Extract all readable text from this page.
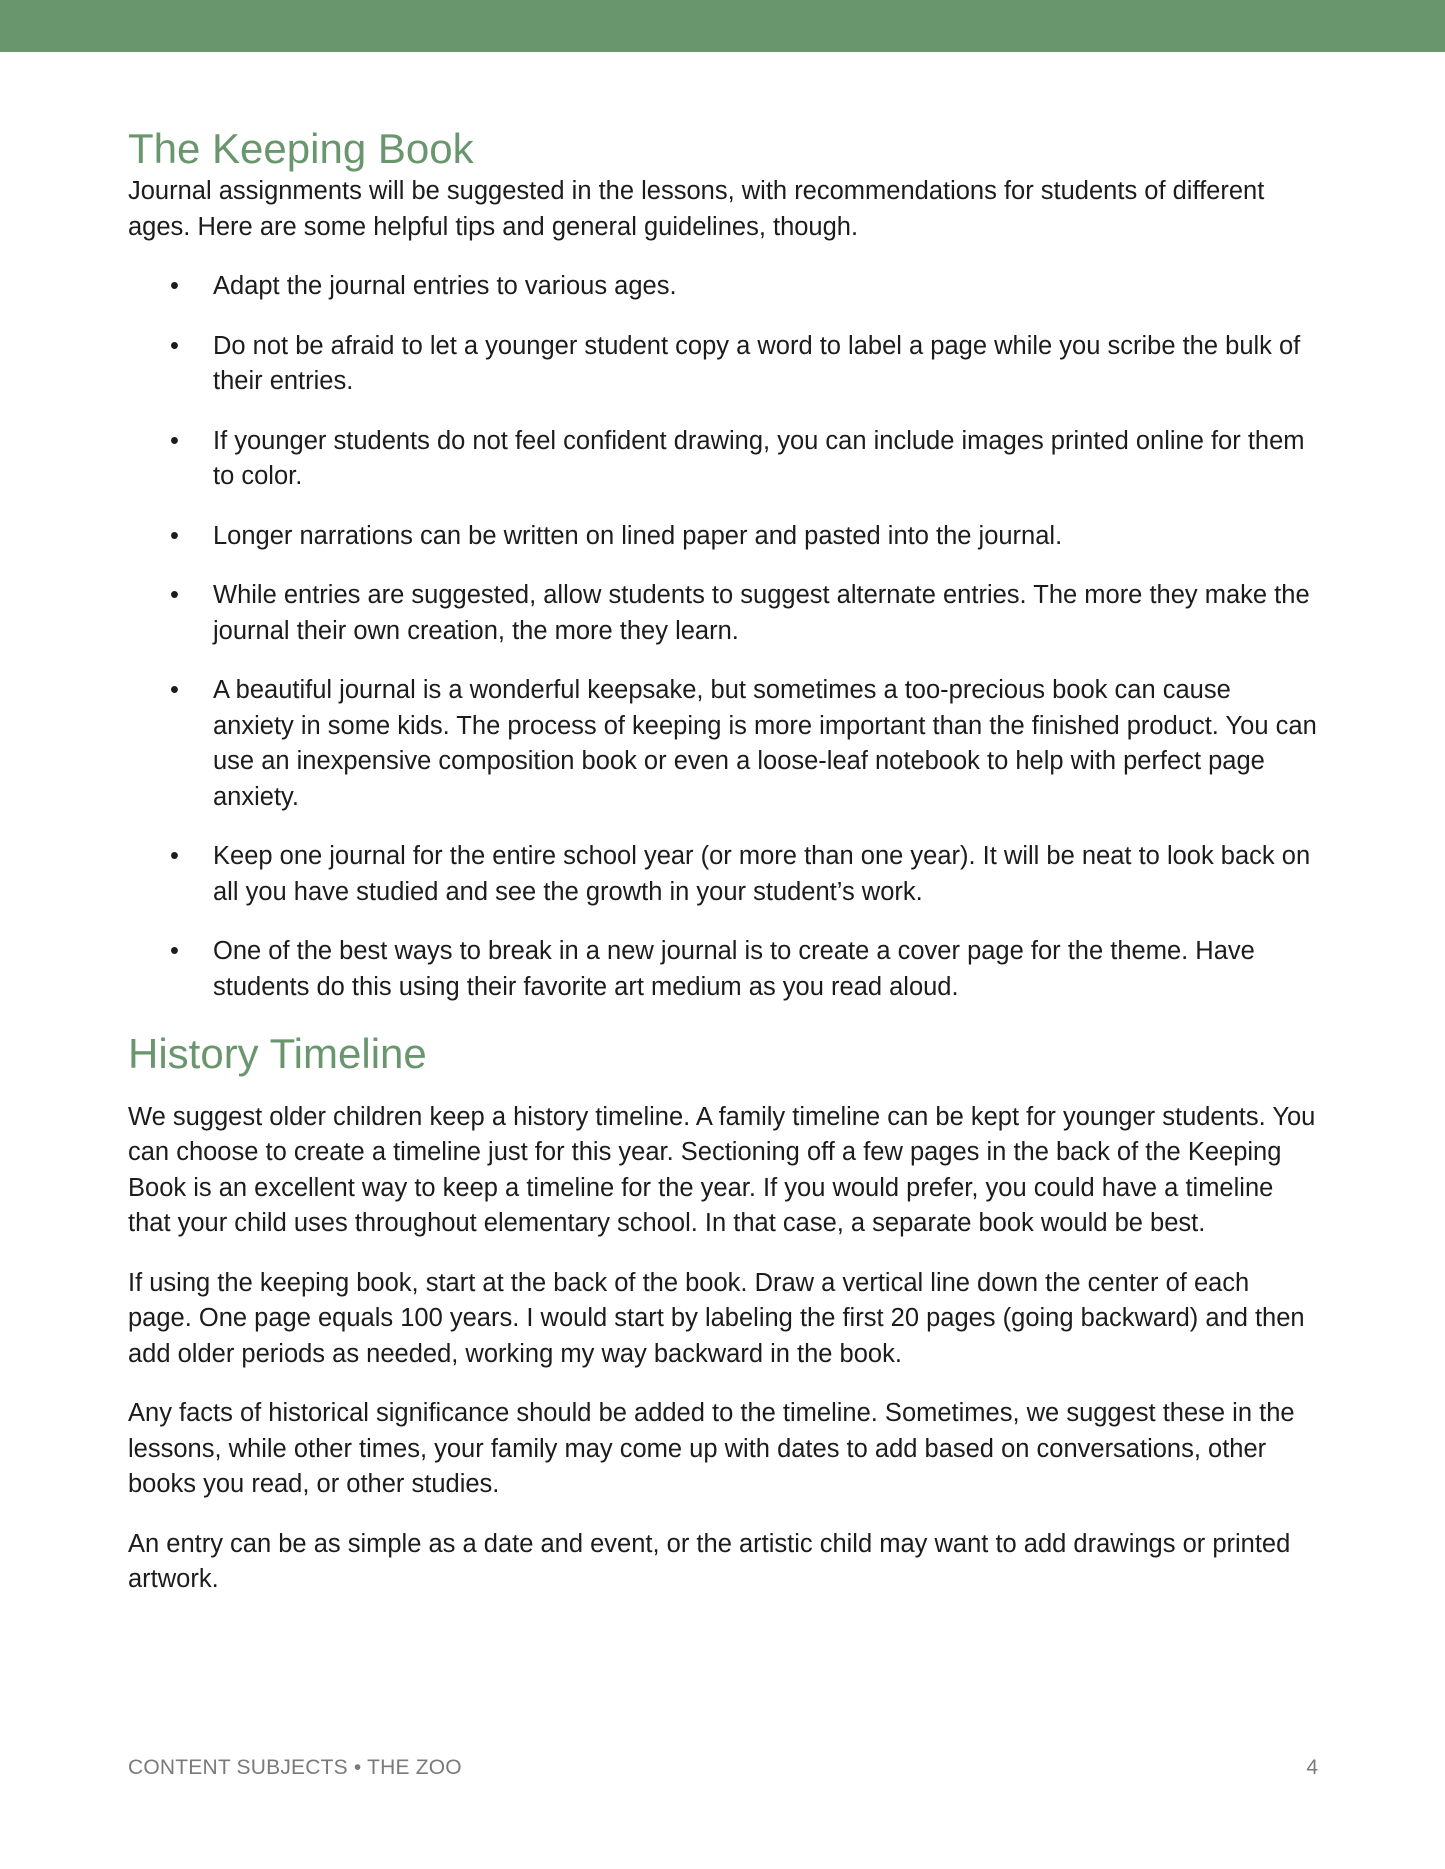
The Keeping Book

Journal assignments will be suggested in the lessons, with recommendations for students of different ages. Here are some helpful tips and general guidelines, though.

• Adapt the journal entries to various ages.
• Do not be afraid to let a younger student copy a word to label a page while you scribe the bulk of their entries.
• If younger students do not feel confident drawing, you can include images printed online for them to color.
• Longer narrations can be written on lined paper and pasted into the journal.
• While entries are suggested, allow students to suggest alternate entries. The more they make the journal their own creation, the more they learn.
• A beautiful journal is a wonderful keepsake, but sometimes a too-precious book can cause anxiety in some kids. The process of keeping is more important than the finished product. You can use an inexpensive composition book or even a loose-leaf notebook to help with perfect page anxiety.
• Keep one journal for the entire school year (or more than one year). It will be neat to look back on all you have studied and see the growth in your student’s work.
• One of the best ways to break in a new journal is to create a cover page for the theme. Have students do this using their favorite art medium as you read aloud.
History Timeline

We suggest older children keep a history timeline. A family timeline can be kept for younger students. You can choose to create a timeline just for this year. Sectioning off a few pages in the back of the Keeping Book is an excellent way to keep a timeline for the year. If you would prefer, you could have a timeline that your child uses throughout elementary school. In that case, a separate book would be best.

If using the keeping book, start at the back of the book. Draw a vertical line down the center of each page. One page equals 100 years. I would start by labeling the first 20 pages (going backward) and then add older periods as needed, working my way backward in the book.

Any facts of historical significance should be added to the timeline. Sometimes, we suggest these in the lessons, while other times, your family may come up with dates to add based on conversations, other books you read, or other studies.

An entry can be as simple as a date and event, or the artistic child may want to add drawings or printed artwork.

CONTENT SUBJECTS • THE ZOO	4
